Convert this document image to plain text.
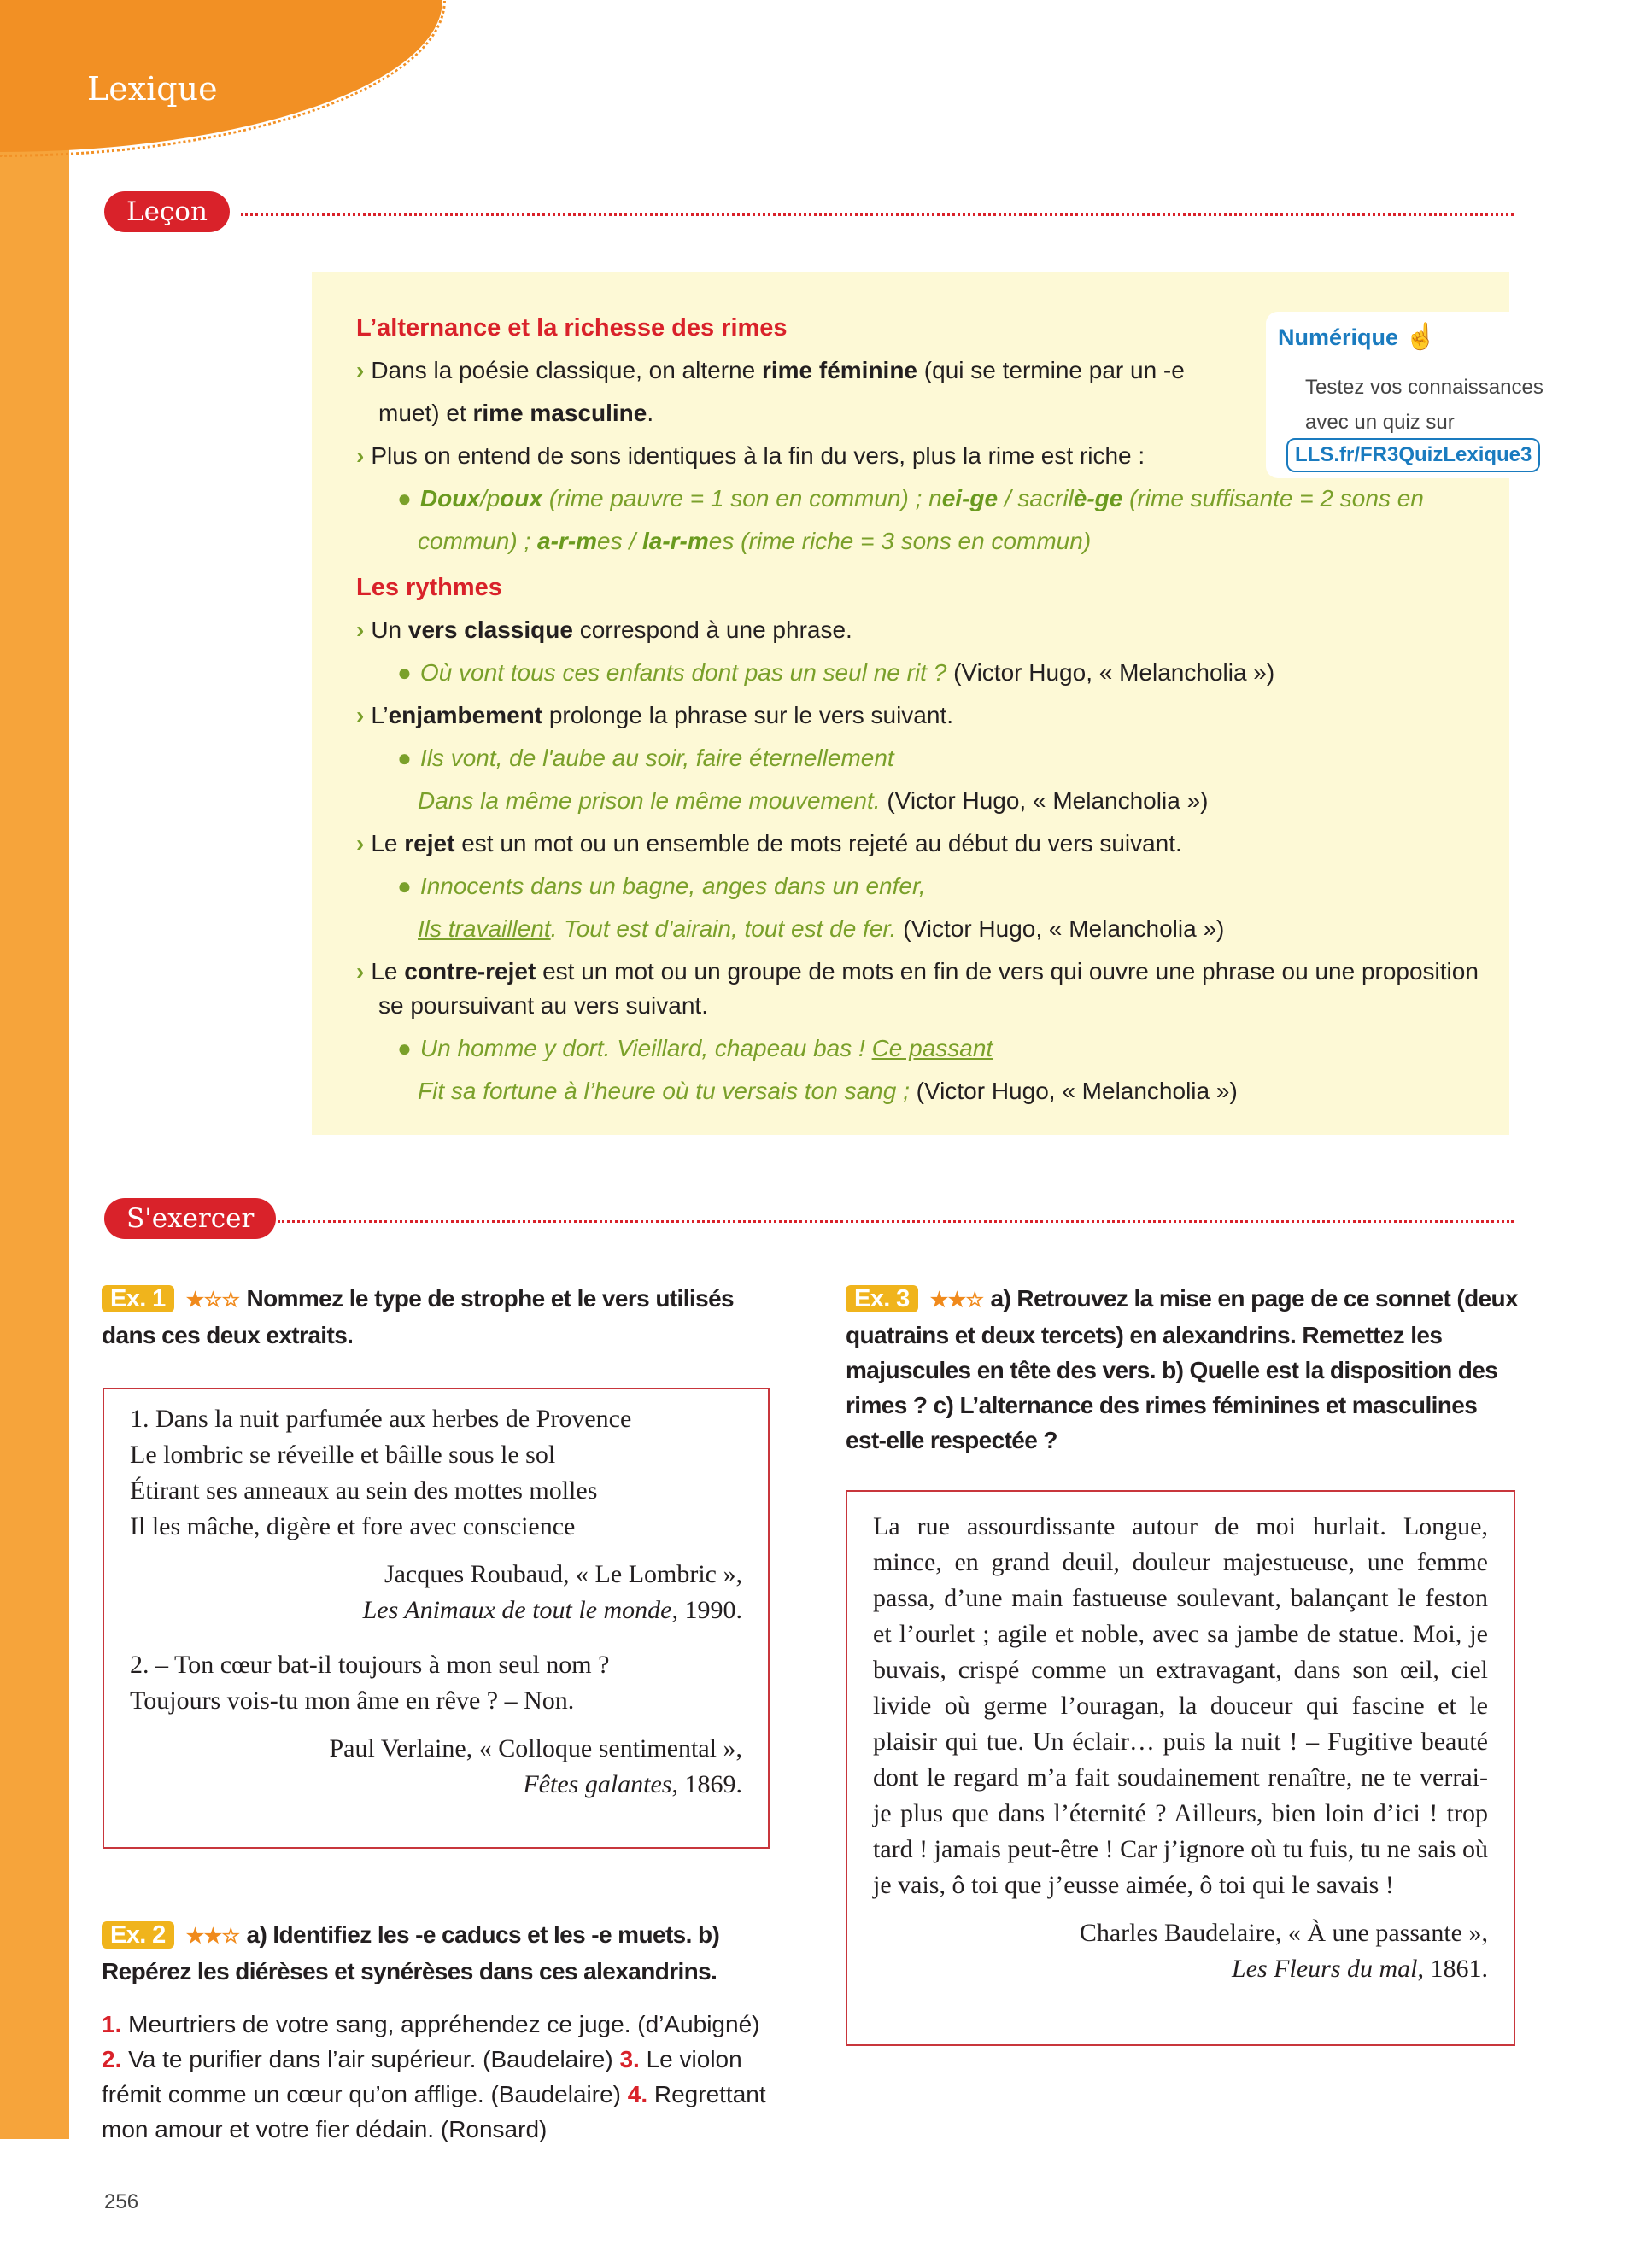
Lexique
Leçon
L’alternance et la richesse des rimes
› Dans la poésie classique, on alterne rime féminine (qui se termine par un -e muet) et rime masculine.
› Plus on entend de sons identiques à la fin du vers, plus la rime est riche :
● Doux/poux (rime pauvre = 1 son en commun) ; nei-ge / sacrilè-ge (rime suffisante = 2 sons en commun) ; a-r-mes / la-r-mes (rime riche = 3 sons en commun)
Les rythmes
› Un vers classique correspond à une phrase.
● Où vont tous ces enfants dont pas un seul ne rit ? (Victor Hugo, « Melancholia »)
› L’enjambement prolonge la phrase sur le vers suivant.
● Ils vont, de l'aube au soir, faire éternellement
Dans la même prison le même mouvement. (Victor Hugo, « Melancholia »)
› Le rejet est un mot ou un ensemble de mots rejeté au début du vers suivant.
● Innocents dans un bagne, anges dans un enfer,
Ils travaillent. Tout est d'airain, tout est de fer. (Victor Hugo, « Melancholia »)
› Le contre-rejet est un mot ou un groupe de mots en fin de vers qui ouvre une phrase ou une proposition se poursuivant au vers suivant.
● Un homme y dort. Vieillard, chapeau bas ! Ce passant
Fit sa fortune à l’heure où tu versais ton sang ; (Victor Hugo, « Melancholia »)
Numérique ☝
Testez vos connaissances
avec un quiz sur
LLS.fr/FR3QuizLexique3
S'exercer
Ex. 1 ★☆☆ Nommez le type de strophe et le vers utilisés dans ces deux extraits.
1. Dans la nuit parfumée aux herbes de Provence
Le lombric se réveille et bâille sous le sol
Étirant ses anneaux au sein des mottes molles
Il les mâche, digère et fore avec conscience
Jacques Roubaud, « Le Lombric »,
Les Animaux de tout le monde, 1990.
2. – Ton cœur bat-il toujours à mon seul nom ?
Toujours vois-tu mon âme en rêve ? – Non.
Paul Verlaine, « Colloque sentimental »,
Fêtes galantes, 1869.
Ex. 2 ★★☆ a) Identifiez les -e caducs et les -e muets. b) Repérez les diérèses et synérèses dans ces alexandrins.
1. Meurtriers de votre sang, appréhendez ce juge. (d’Aubigné) 2. Va te purifier dans l’air supérieur. (Baudelaire) 3. Le violon frémit comme un cœur qu’on afflige. (Baudelaire) 4. Regrettant mon amour et votre fier dédain. (Ronsard)
Ex. 3 ★★☆ a) Retrouvez la mise en page de ce sonnet (deux quatrains et deux tercets) en alexandrins. Remettez les majuscules en tête des vers. b) Quelle est la disposition des rimes ? c) L’alternance des rimes féminines et masculines est-elle respectée ?
La rue assourdissante autour de moi hurlait. Longue, mince, en grand deuil, douleur majestueuse, une femme passa, d’une main fastueuse soulevant, balançant le feston et l’ourlet ; agile et noble, avec sa jambe de statue. Moi, je buvais, crispé comme un extravagant, dans son œil, ciel livide où germe l’ouragan, la douceur qui fascine et le plaisir qui tue. Un éclair… puis la nuit ! – Fugitive beauté dont le regard m’a fait soudainement renaître, ne te verrai-je plus que dans l’éternité ? Ailleurs, bien loin d’ici ! trop tard ! jamais peut-être ! Car j’ignore où tu fuis, tu ne sais où je vais, ô toi que j’eusse aimée, ô toi qui le savais !
Charles Baudelaire, « À une passante »,
Les Fleurs du mal, 1861.
256
